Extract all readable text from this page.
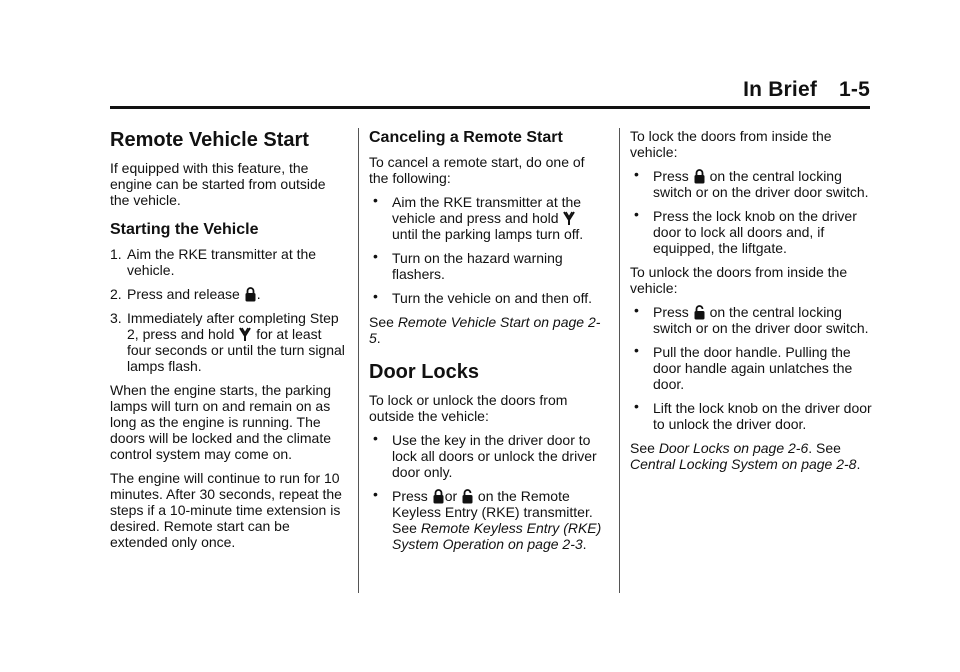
In Brief 1-5
Remote Vehicle Start

If equipped with this feature, the engine can be started from outside the vehicle.

Starting the Vehicle
1. Aim the RKE transmitter at the vehicle.
2. Press and release .
3. Immediately after completing Step 2, press and hold for at least four seconds or until the turn signal lamps flash.

When the engine starts, the parking lamps will turn on and remain on as long as the engine is running. The doors will be locked and the climate control system may come on.

The engine will continue to run for 10 minutes. After 30 seconds, repeat the steps if a 10-minute time extension is desired. Remote start can be extended only once.

Canceling a Remote Start

To cancel a remote start, do one of the following:

• Aim the RKE transmitter at the vehicle and press and hold
until the parking lamps turn off.
• Turn on the hazard warning flashers.
• Turn the vehicle on and then off.

See Remote Vehicle Start on page 2-5.

Door Locks

To lock or unlock the doors from outside the vehicle:

• Use the key in the driver door to lock all doors or unlock the driver door only.
• Press or on the Remote Keyless Entry (RKE) transmitter. See Remote Keyless Entry (RKE) System Operation on page 2-3.

To lock the doors from inside the vehicle:

• Press on the central locking switch or on the driver door switch.
• Press the lock knob on the driver door to lock all doors and, if equipped, the liftgate.

To unlock the doors from inside the vehicle:

• Press on the central locking switch or on the driver door switch.
• Pull the door handle. Pulling the door handle again unlatches the door.
• Lift the lock knob on the driver door to unlock the driver door.

See Door Locks on page 2-6. See Central Locking System on page 2-8.
